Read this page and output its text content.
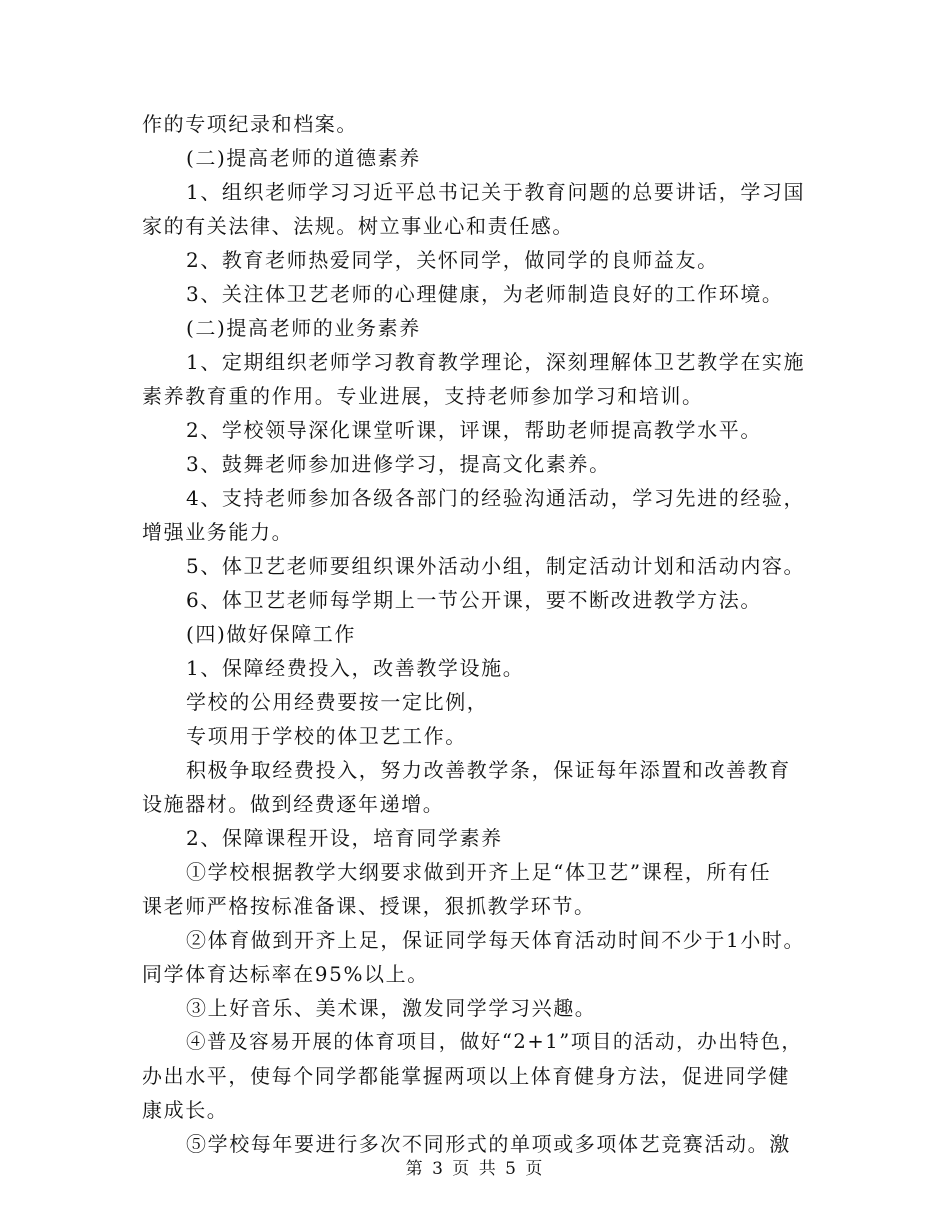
作的专项纪录和档案。
(二)提高老师的道德素养
1、组织老师学习习近平总书记关于教育问题的总要讲话，学习国
家的有关法律、法规。树立事业心和责任感。
2、教育老师热爱同学，关怀同学，做同学的良师益友。
3、关注体卫艺老师的心理健康，为老师制造良好的工作环境。
(二)提高老师的业务素养
1、定期组织老师学习教育教学理论，深刻理解体卫艺教学在实施
素养教育重的作用。专业进展，支持老师参加学习和培训。
2、学校领导深化课堂听课，评课，帮助老师提高教学水平。
3、鼓舞老师参加进修学习，提高文化素养。
4、支持老师参加各级各部门的经验沟通活动，学习先进的经验，
增强业务能力。
5、体卫艺老师要组织课外活动小组，制定活动计划和活动内容。
6、体卫艺老师每学期上一节公开课，要不断改进教学方法。
(四)做好保障工作
1、保障经费投入，改善教学设施。
学校的公用经费要按一定比例，
专项用于学校的体卫艺工作。
积极争取经费投入，努力改善教学条，保证每年添置和改善教育
设施器材。做到经费逐年递增。
2、保障课程开设，培育同学素养
①学校根据教学大纲要求做到开齐上足“体卫艺”课程，所有任
课老师严格按标准备课、授课，狠抓教学环节。
②体育做到开齐上足，保证同学每天体育活动时间不少于1小时。
同学体育达标率在95%以上。
③上好音乐、美术课，激发同学学习兴趣。
④普及容易开展的体育项目，做好“2+1”项目的活动，办出特色，
办出水平，使每个同学都能掌握两项以上体育健身方法，促进同学健
康成长。
⑤学校每年要进行多次不同形式的单项或多项体艺竞赛活动。激
第 3 页 共 5 页
